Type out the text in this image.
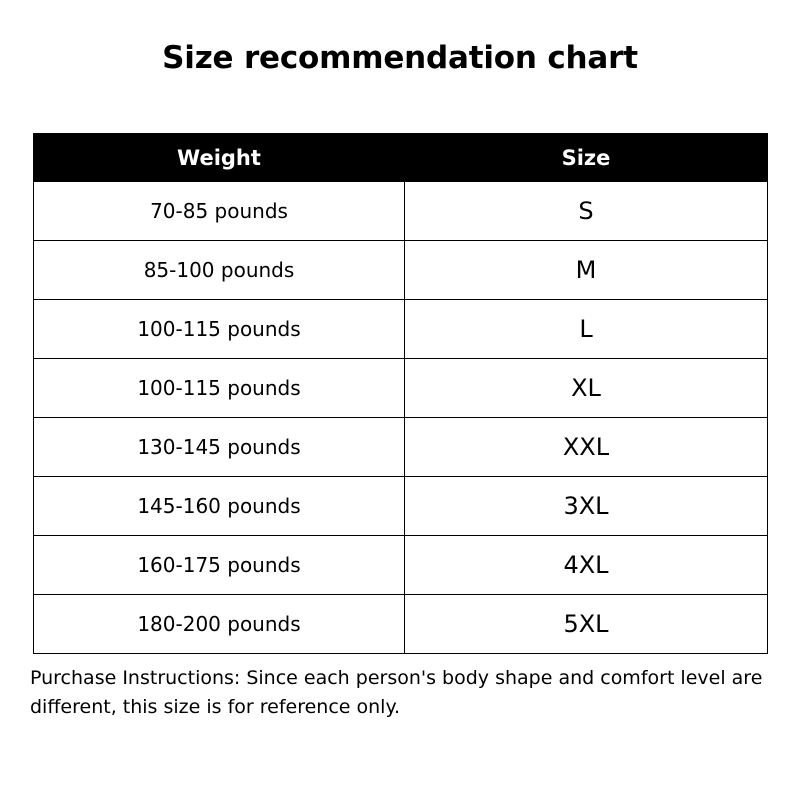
Size recommendation chart
Weight	Size
70-85 pounds	S
85-100 pounds	M
100-115 pounds	L
100-115 pounds	XL
130-145 pounds	XXL
145-160 pounds	3XL
160-175 pounds	4XL
180-200 pounds	5XL
Purchase Instructions: Since each person's body shape and comfort level are different, this size is for reference only.
